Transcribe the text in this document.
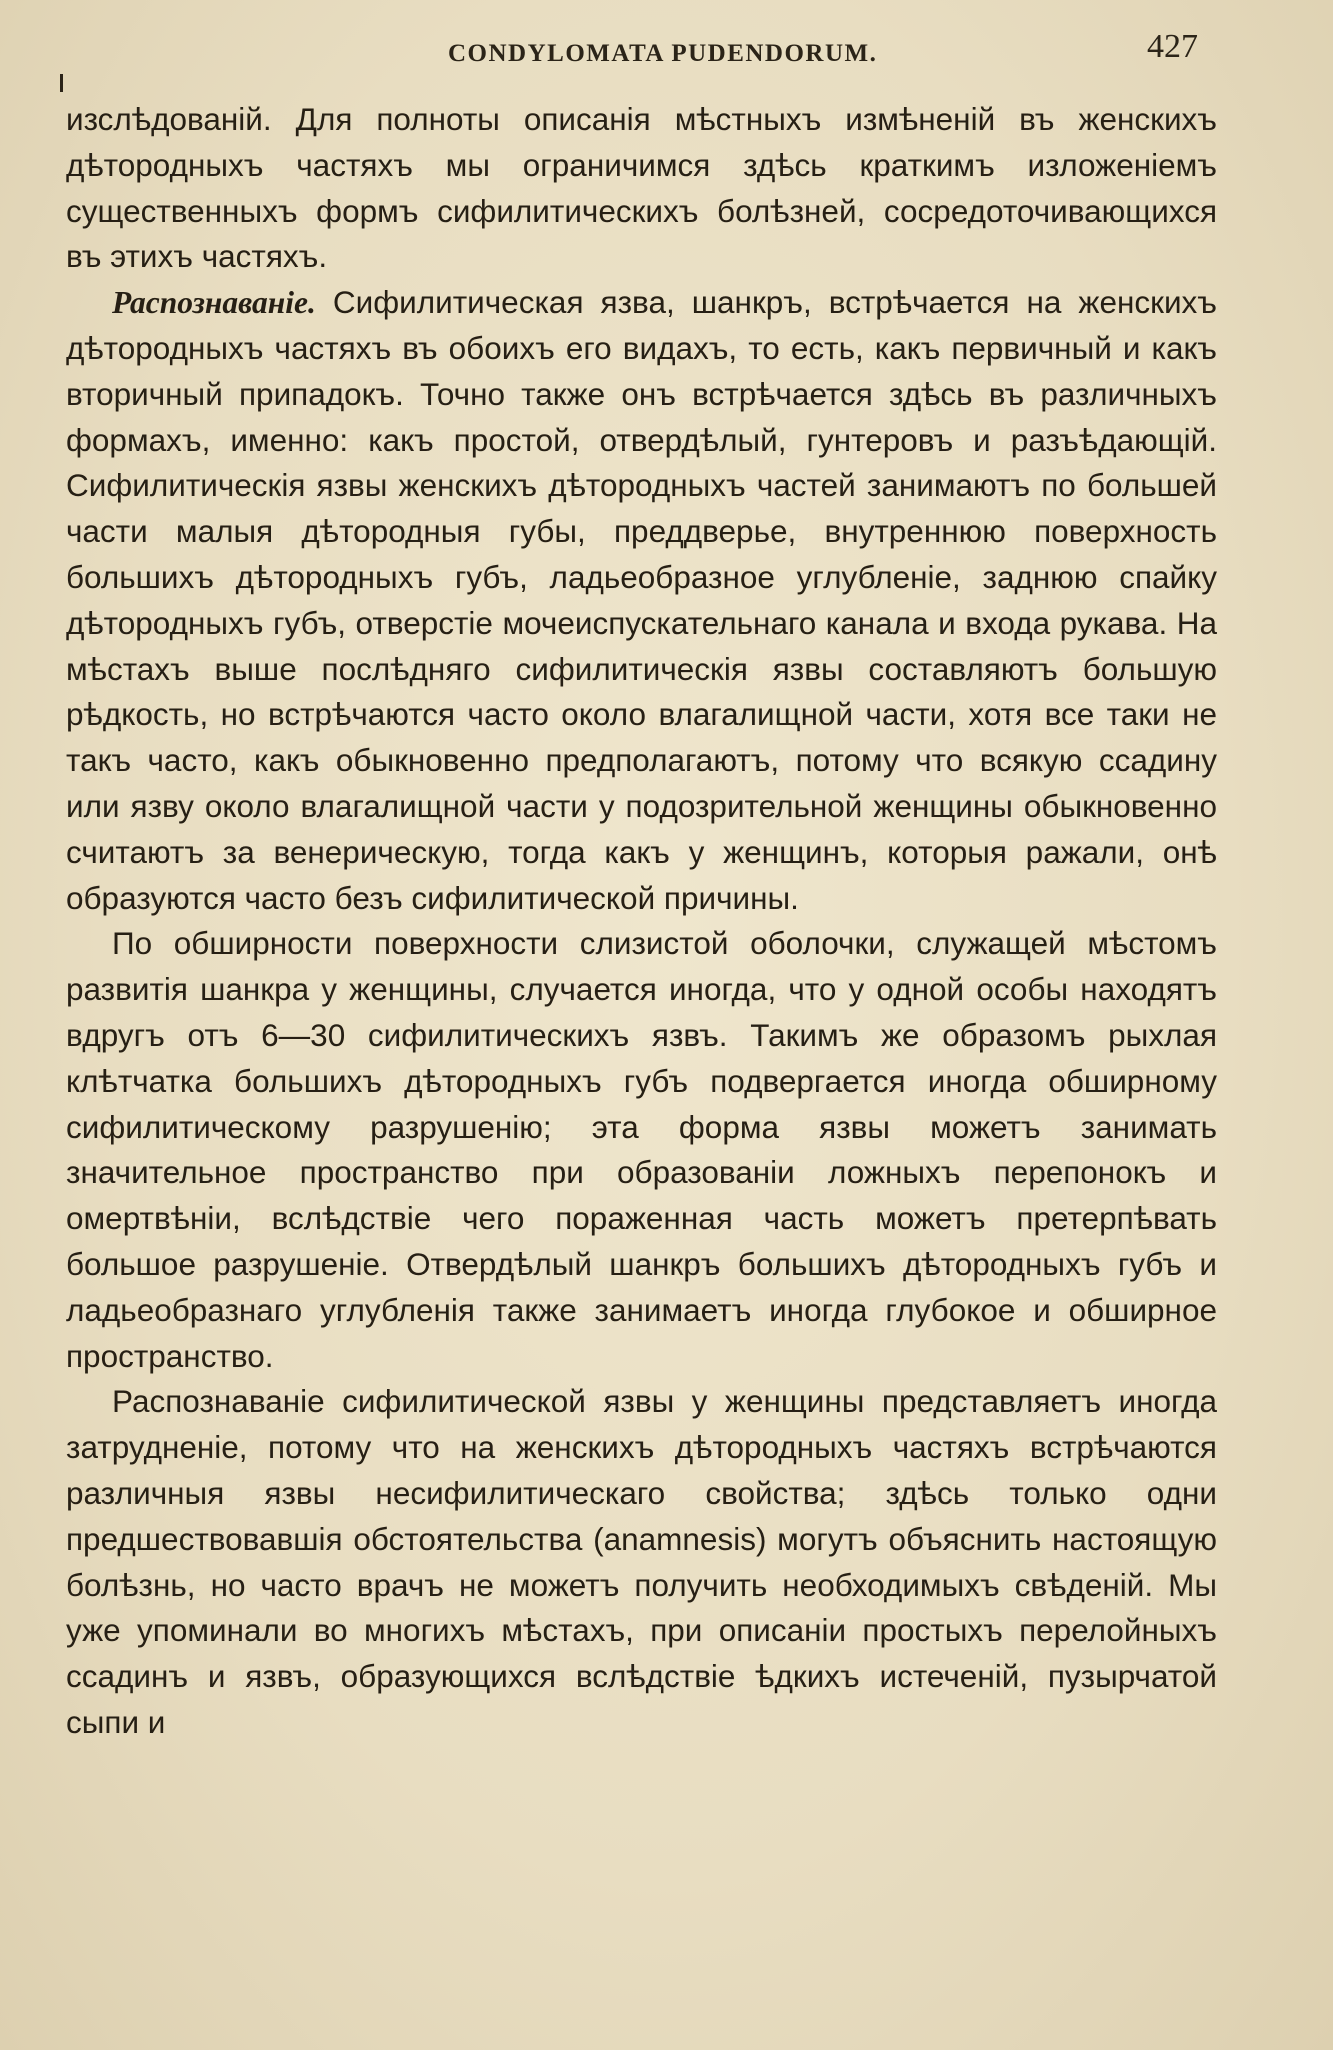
CONDYLOMATA PUDENDORUM.	427

изслѣдованій. Для полноты описанія мѣстныхъ измѣненій въ женскихъ дѣтородныхъ частяхъ мы ограничимся здѣсь краткимъ изложеніемъ существенныхъ формъ сифилитическихъ болѣзней, сосредоточивающихся въ этихъ частяхъ.

Распознаваніе. Сифилитическая язва, шанкръ, встрѣчается на женскихъ дѣтородныхъ частяхъ въ обоихъ его видахъ, то есть, какъ первичный и какъ вторичный припадокъ. Точно также онъ встрѣчается здѣсь въ различныхъ формахъ, именно: какъ простой, отвердѣлый, гунтеровъ и разъѣдающій. Сифилитическія язвы женскихъ дѣтородныхъ частей занимаютъ по большей части малыя дѣтородныя губы, преддверье, внутреннюю поверхность большихъ дѣтородныхъ губъ, ладьеобразное углубленіе, заднюю спайку дѣтородныхъ губъ, отверстіе мочеиспускательнаго канала и входа рукава. На мѣстахъ выше послѣдняго сифилитическія язвы составляютъ большую рѣдкость, но встрѣчаются часто около влагалищной части, хотя все таки не такъ часто, какъ обыкновенно предполагаютъ, потому что всякую ссадину или язву около влагалищной части у подозрительной женщины обыкновенно считаютъ за венерическую, тогда какъ у женщинъ, которыя ражали, онѣ образуются часто безъ сифилитической причины.

По обширности поверхности слизистой оболочки, служащей мѣстомъ развитія шанкра у женщины, случается иногда, что у одной особы находятъ вдругъ отъ 6—30 сифилитическихъ язвъ. Такимъ же образомъ рыхлая клѣтчатка большихъ дѣтородныхъ губъ подвергается иногда обширному сифилитическому разрушенію; эта форма язвы можетъ занимать значительное пространство при образованіи ложныхъ перепонокъ и омертвѣніи, вслѣдствіе чего пораженная часть можетъ претерпѣвать большое разрушеніе. Отвердѣлый шанкръ большихъ дѣтородныхъ губъ и ладьеобразнаго углубленія также занимаетъ иногда глубокое и обширное пространство.

Распознаваніе сифилитической язвы у женщины представляетъ иногда затрудненіе, потому что на женскихъ дѣтородныхъ частяхъ встрѣчаются различныя язвы несифилитическаго свойства; здѣсь только одни предшествовавшія обстоятельства (anamnesis) могутъ объяснить настоящую болѣзнь, но часто врачъ не можетъ получить необходимыхъ свѣденій. Мы уже упоминали во многихъ мѣстахъ, при описаніи простыхъ перелойныхъ ссадинъ и язвъ, образующихся вслѣдствіе ѣдкихъ истеченій, пузырчатой сыпи и
